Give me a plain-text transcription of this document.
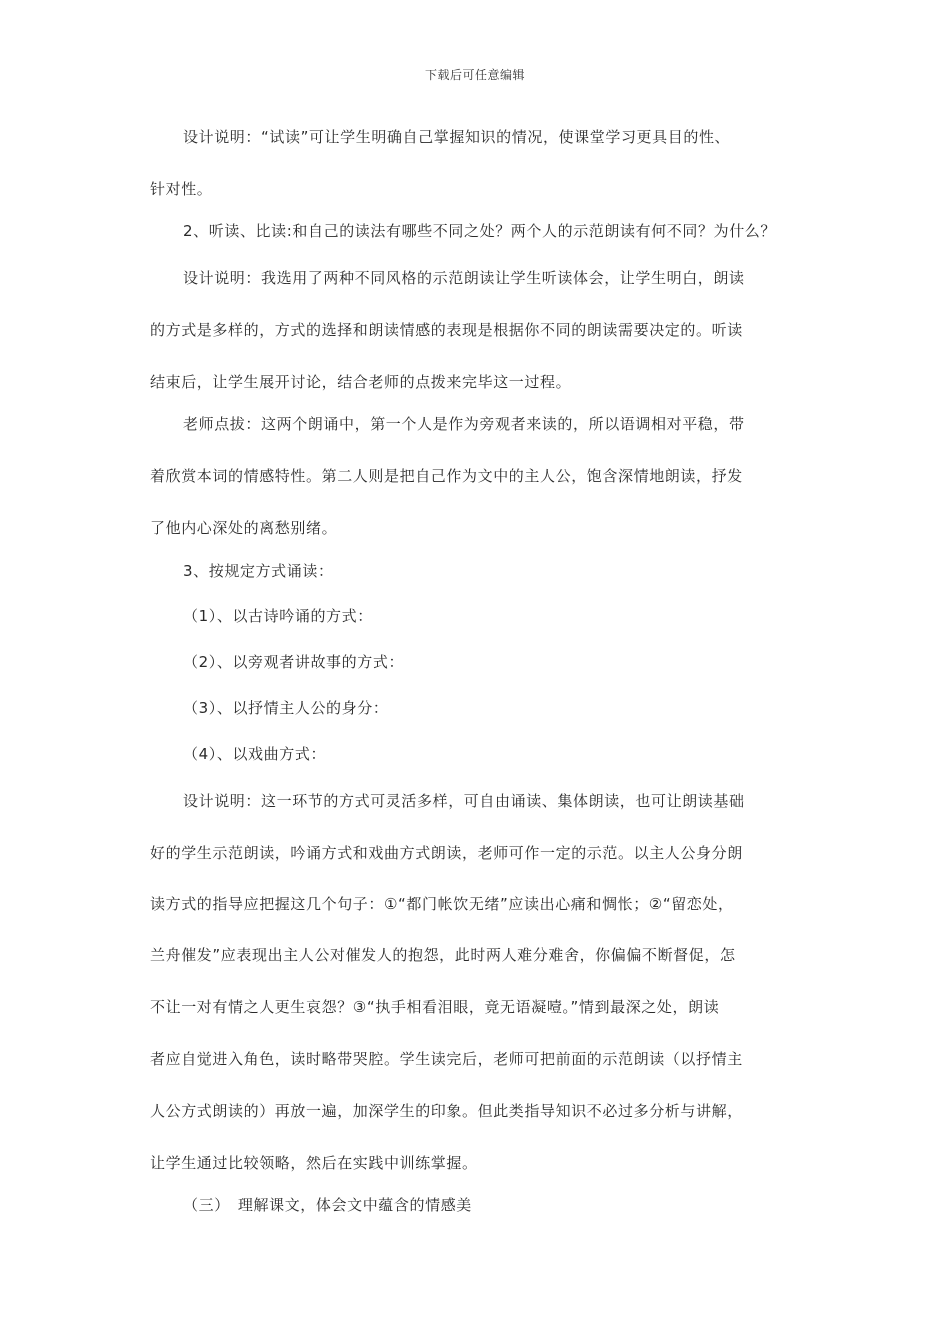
下载后可任意编辑
设计说明：“试读”可让学生明确自己掌握知识的情况，使课堂学习更具目的性、
针对性。
2、听读、比读:和自己的读法有哪些不同之处？两个人的示范朗读有何不同？为什么？
设计说明：我选用了两种不同风格的示范朗读让学生听读体会，让学生明白，朗读
的方式是多样的，方式的选择和朗读情感的表现是根据你不同的朗读需要决定的。听读
结束后，让学生展开讨论，结合老师的点拨来完毕这一过程。
老师点拔：这两个朗诵中，第一个人是作为旁观者来读的，所以语调相对平稳，带
着欣赏本词的情感特性。第二人则是把自己作为文中的主人公，饱含深情地朗读，抒发
了他内心深处的离愁别绪。
3、按规定方式诵读：
（1）、以古诗吟诵的方式：
（2）、以旁观者讲故事的方式：
（3）、以抒情主人公的身分：
（4）、以戏曲方式：
设计说明：这一环节的方式可灵活多样，可自由诵读、集体朗读，也可让朗读基础
好的学生示范朗读，吟诵方式和戏曲方式朗读，老师可作一定的示范。以主人公身分朗
读方式的指导应把握这几个句子：①“都门帐饮无绪”应读出心痛和惆怅；②“留恋处，
兰舟催发”应表现出主人公对催发人的抱怨，此时两人难分难舍，你偏偏不断督促，怎
不让一对有情之人更生哀怨？③“执手相看泪眼，竟无语凝噎。”情到最深之处，朗读
者应自觉进入角色，读时略带哭腔。学生读完后，老师可把前面的示范朗读（以抒情主
人公方式朗读的）再放一遍，加深学生的印象。但此类指导知识不必过多分析与讲解，
让学生通过比较领略，然后在实践中训练掌握。
（三）　理解课文，体会文中蕴含的情感美
